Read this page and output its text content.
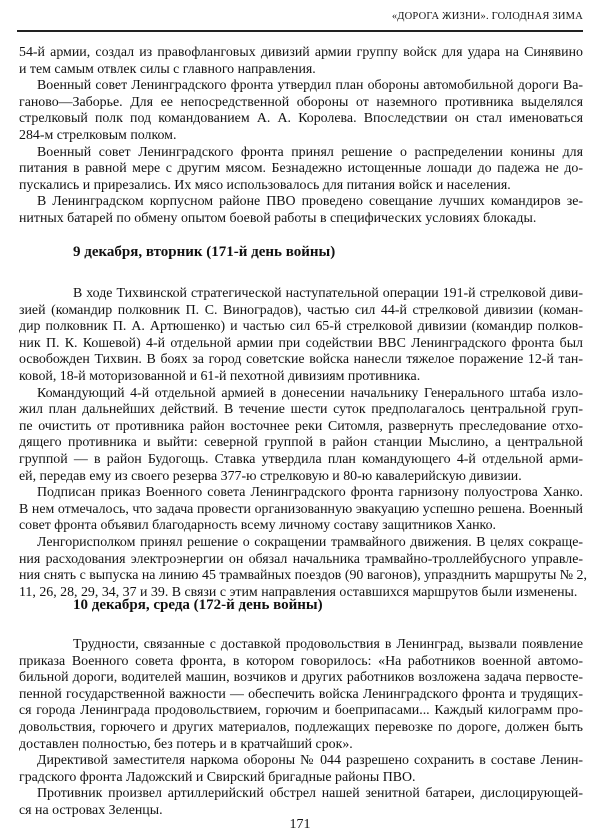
«ДОРОГА ЖИЗНИ». ГОЛОДНАЯ ЗИМА
54-й армии, создал из правофланговых дивизий армии группу войск для удара на Синявино
и тем самым отвлек силы с главного направления.
Военный совет Ленинградского фронта утвердил план обороны автомобильной дороги Ва-
ганово—Заборье. Для ее непосредственной обороны от наземного противника выделялся
стрелковый полк под командованием А. А. Королева. Впоследствии он стал именоваться
284-м стрелковым полком.
Военный совет Ленинградского фронта принял решение о распределении конины для
питания в равной мере с другим мясом. Безнадежно истощенные лошади до падежа не до-
пускались и прирезались. Их мясо использовалось для питания войск и населения.
В Ленинградском корпусном районе ПВО проведено совещание лучших командиров зе-
нитных батарей по обмену опытом боевой работы в специфических условиях блокады.
9 декабря, вторник (171-й день войны)
В ходе Тихвинской стратегической наступательной операции 191-й стрелковой диви-
зией (командир полковник П. С. Виноградов), частью сил 44-й стрелковой дивизии (коман-
дир полковник П. А. Артюшенко) и частью сил 65-й стрелковой дивизии (командир полков-
ник П. К. Кошевой) 4-й отдельной армии при содействии ВВС Ленинградского фронта был
освобожден Тихвин. В боях за город советские войска нанесли тяжелое поражение 12-й тан-
ковой, 18-й моторизованной и 61-й пехотной дивизиям противника.
Командующий 4-й отдельной армией в донесении начальнику Генерального штаба изло-
жил план дальнейших действий. В течение шести суток предполагалось центральной груп-
пе очистить от противника район восточнее реки Ситомля, развернуть преследование отхо-
дящего противника и выйти: северной группой в район станции Мыслино, а центральной
группой — в район Будогощь. Ставка утвердила план командующего 4-й отдельной арми-
ей, передав ему из своего резерва 377-ю стрелковую и 80-ю кавалерийскую дивизии.
Подписан приказ Военного совета Ленинградского фронта гарнизону полуострова Ханко.
В нем отмечалось, что задача провести организованную эвакуацию успешно решена. Военный
совет фронта объявил благодарность всему личному составу защитников Ханко.
Ленгорисполком принял решение о сокращении трамвайного движения. В целях сокраще-
ния расходования электроэнергии он обязал начальника трамвайно-троллейбусного управле-
ния снять с выпуска на линию 45 трамвайных поездов (90 вагонов), упразднить маршруты № 2,
11, 26, 28, 29, 34, 37 и 39. В связи с этим направления оставшихся маршрутов были изменены.
10 декабря, среда (172-й день войны)
Трудности, связанные с доставкой продовольствия в Ленинград, вызвали появление
приказа Военного совета фронта, в котором говорилось: «На работников военной автомо-
бильной дороги, водителей машин, возчиков и других работников возложена задача первосте-
пенной государственной важности — обеспечить войска Ленинградского фронта и трудящих-
ся города Ленинграда продовольствием, горючим и боеприпасами... Каждый килограмм про-
довольствия, горючего и других материалов, подлежащих перевозке по дороге, должен быть
доставлен полностью, без потерь и в кратчайший срок».
Директивой заместителя наркома обороны № 044 разрешено сохранить в составе Ленин-
градского фронта Ладожский и Свирский бригадные районы ПВО.
Противник произвел артиллерийский обстрел нашей зенитной батареи, дислоцирующей-
ся на островах Зеленцы.
171
